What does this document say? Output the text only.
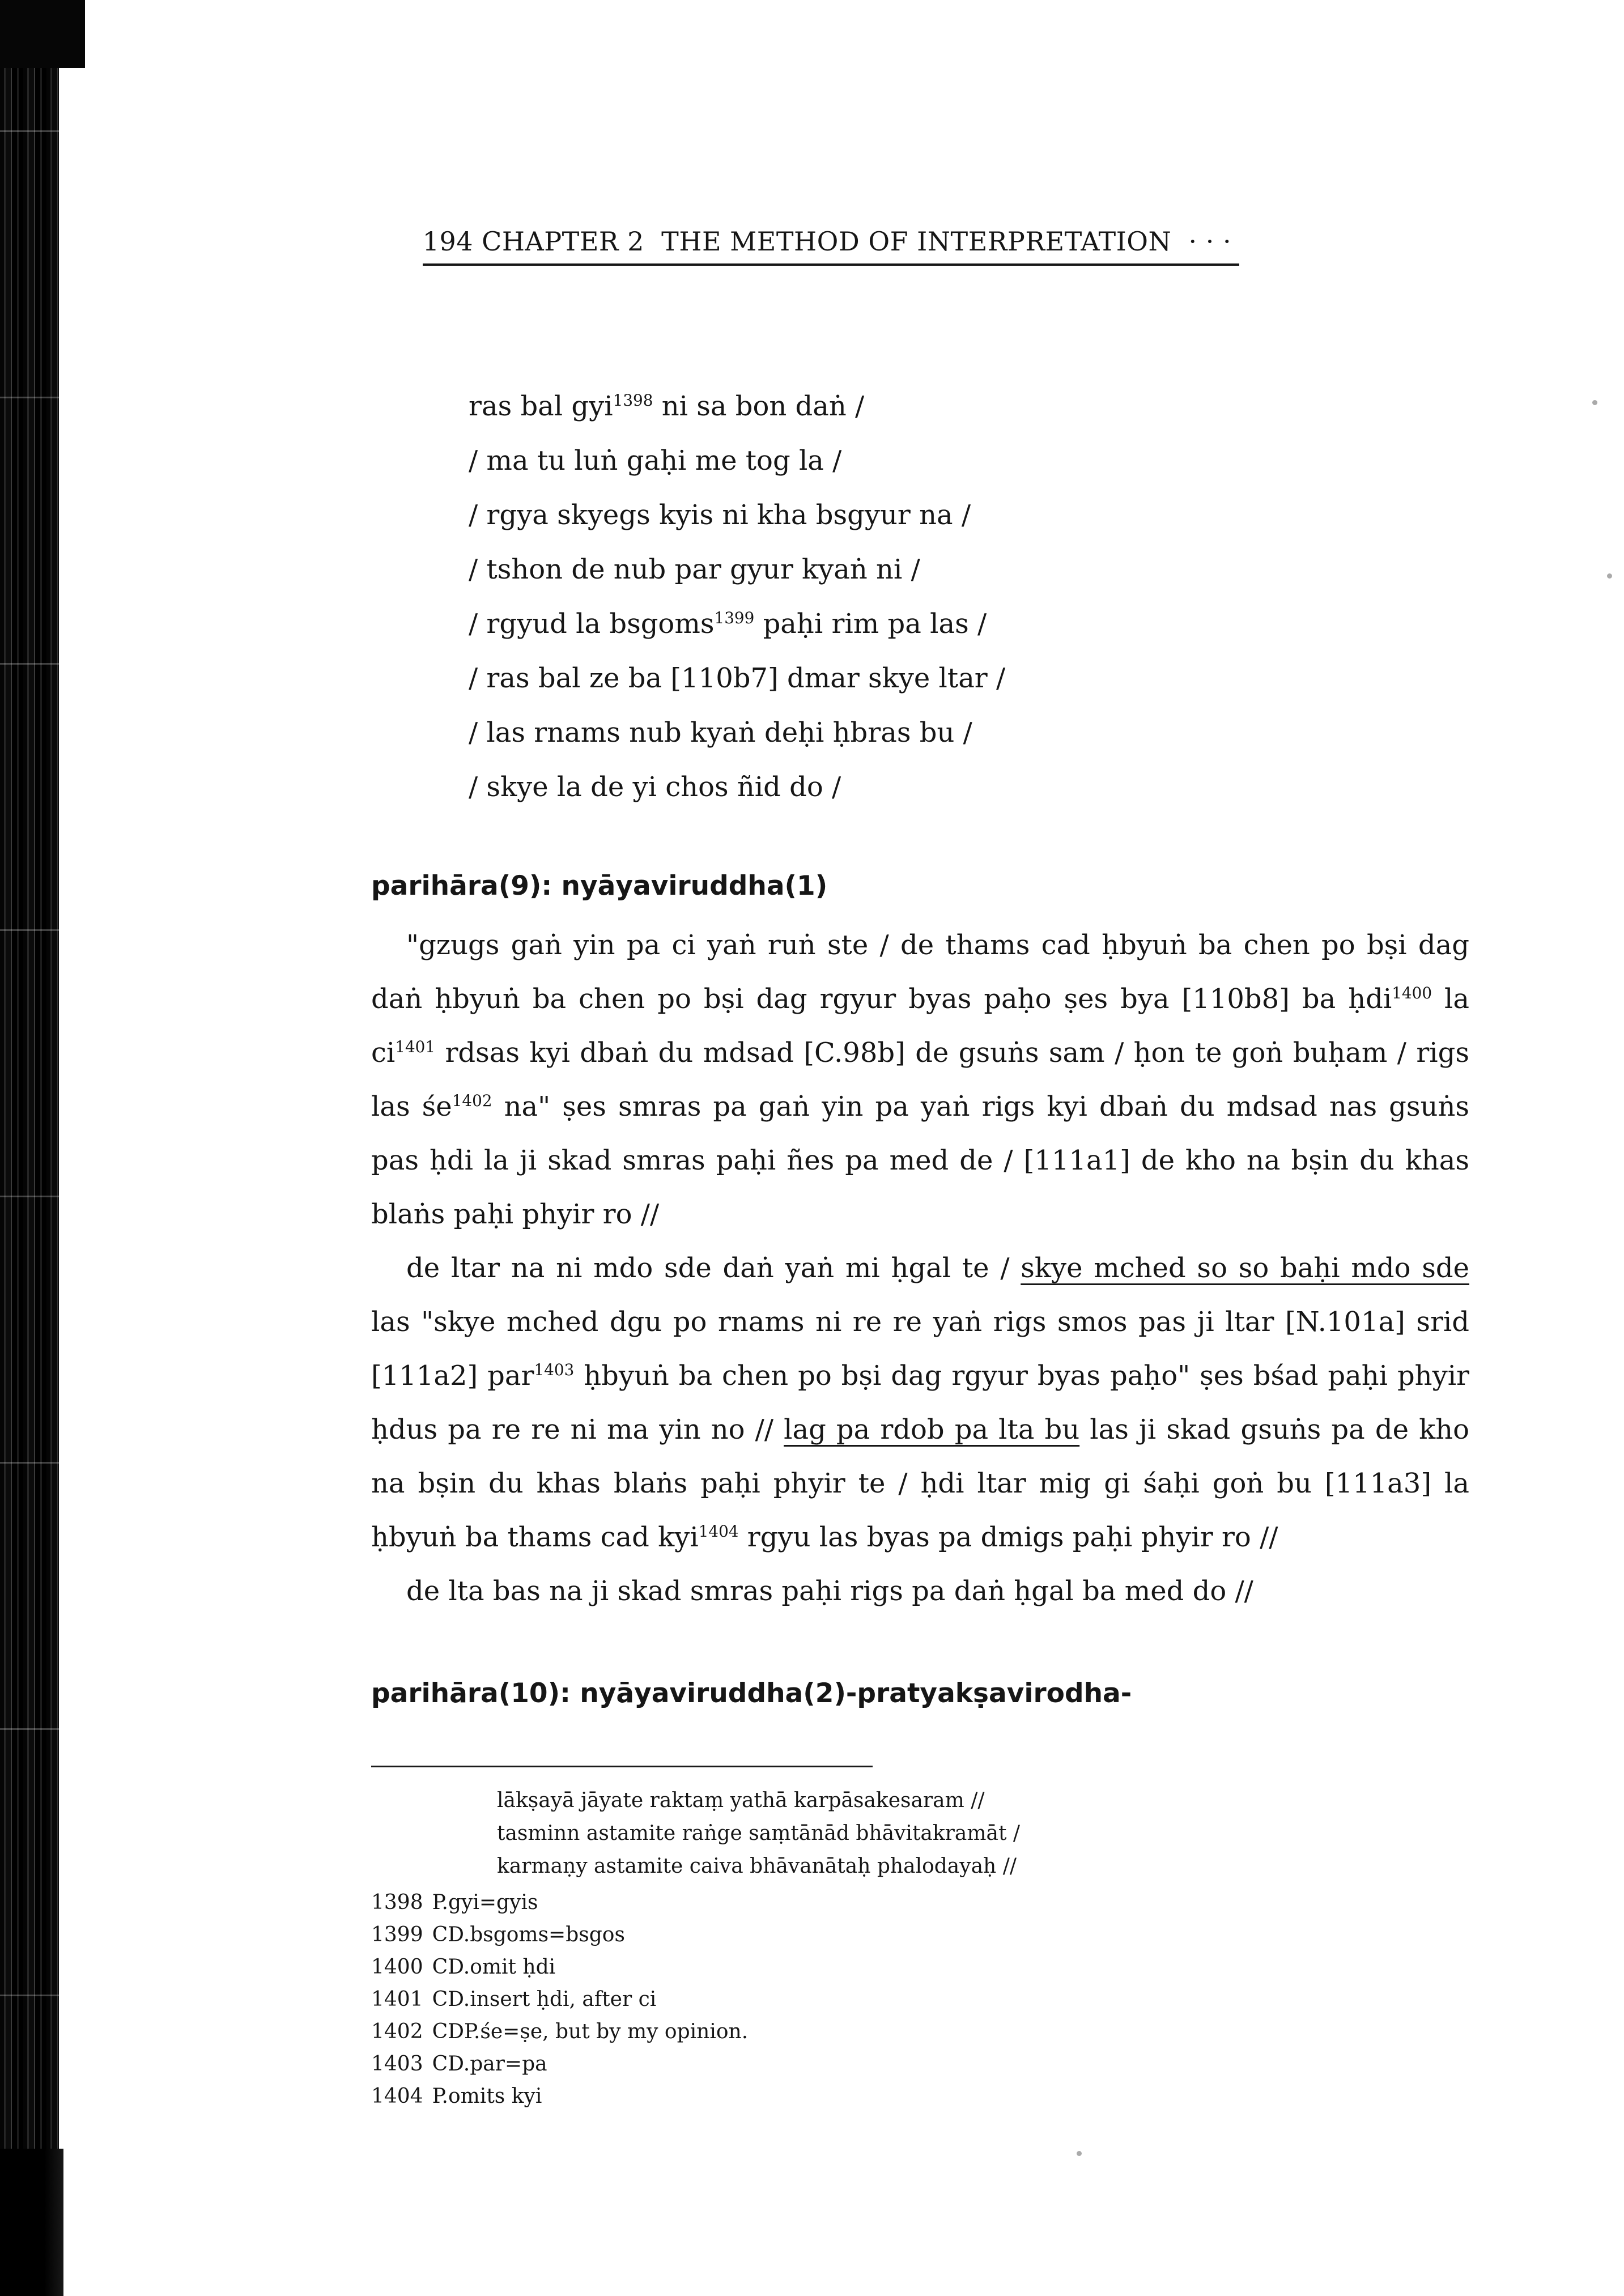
194 CHAPTER 2  THE METHOD OF INTERPRETATION  · · ·

ras bal gyi$^{1398}$ ni sa bon daṅ /
/ ma tu luṅ gaḥi me tog la /
/ rgya skyegs kyis ni kha bsgyur na /
/ tshon de nub par gyur kyaṅ ni /
/ rgyud la bsgoms$^{1399}$ paḥi rim pa las /
/ ras bal ze ba [110b7] dmar skye ltar /
/ las rnams nub kyaṅ deḥi ḥbras bu /
/ skye la de yi chos ñid do /
parihāra(9): nyāyaviruddha(1)

"gzugs gaṅ yin pa ci yaṅ ruṅ ste / de thams cad ḥbyuṅ ba chen po bṣi dag daṅ ḥbyuṅ ba chen po bṣi dag rgyur byas paḥo ṣes bya [110b8] ba ḥdi$^{1400}$ la $ci^{1401}$ rdsas kyi dbaṅ du mdsad [C.98b] de gsuṅs sam / ḥon te goṅ buḥam / rigs las $śe^{1402}$ na" ṣes smras pa gaṅ yin pa yaṅ rigs kyi dbaṅ du mdsad nas gsuṅs pas ḥdi la ji skad smras paḥi ñes pa med de / [111a1] de kho na bṣin du khas blaṅs paḥi phyir ro //

de ltar na ni mdo sde daṅ yaṅ mi ḥgal te / skye mched so so baḥi mdo sde las "skye mched dgu po rnams ni re re yaṅ rigs smos pas ji ltar [N.101a] srid [111a2] par$^{1403}$ ḥbyuṅ ba chen po bṣi dag rgyur byas paḥo" ṣes bśad paḥi phyir ḥdus pa re re ni ma yin no // lag pa rdob pa lta bu las ji skad gsuṅs pa de kho na bṣin du khas blaṅs paḥi phyir te / ḥdi ltar mig gi śaḥi goṅ bu [111a3] la ḥbyuṅ ba thams cad kyi$^{1404}$ rgyu las byas pa dmigs paḥi phyir ro //

de lta bas na ji skad smras paḥi rigs pa daṅ ḥgal ba med do //

parihāra(10): nyāyaviruddha(2)-pratyakṣavirodha-
lākṣayā jāyate raktaṃ yathā karpāsakesaram //
tasminn astamite raṅge saṃtānād bhāvitakramāt /
karmaṇy astamite caiva bhāvanātaḥ phalodayaḥ //
1398 P.gyi=gyis
1399 CD.bsgoms=bsgos
1400 CD.omit ḥdi
1401 CD.insert ḥdi, after ci
1402 CDP.śe=ṣe, but by my opinion.
1403 CD.par=pa
1404 P.omits kyi
